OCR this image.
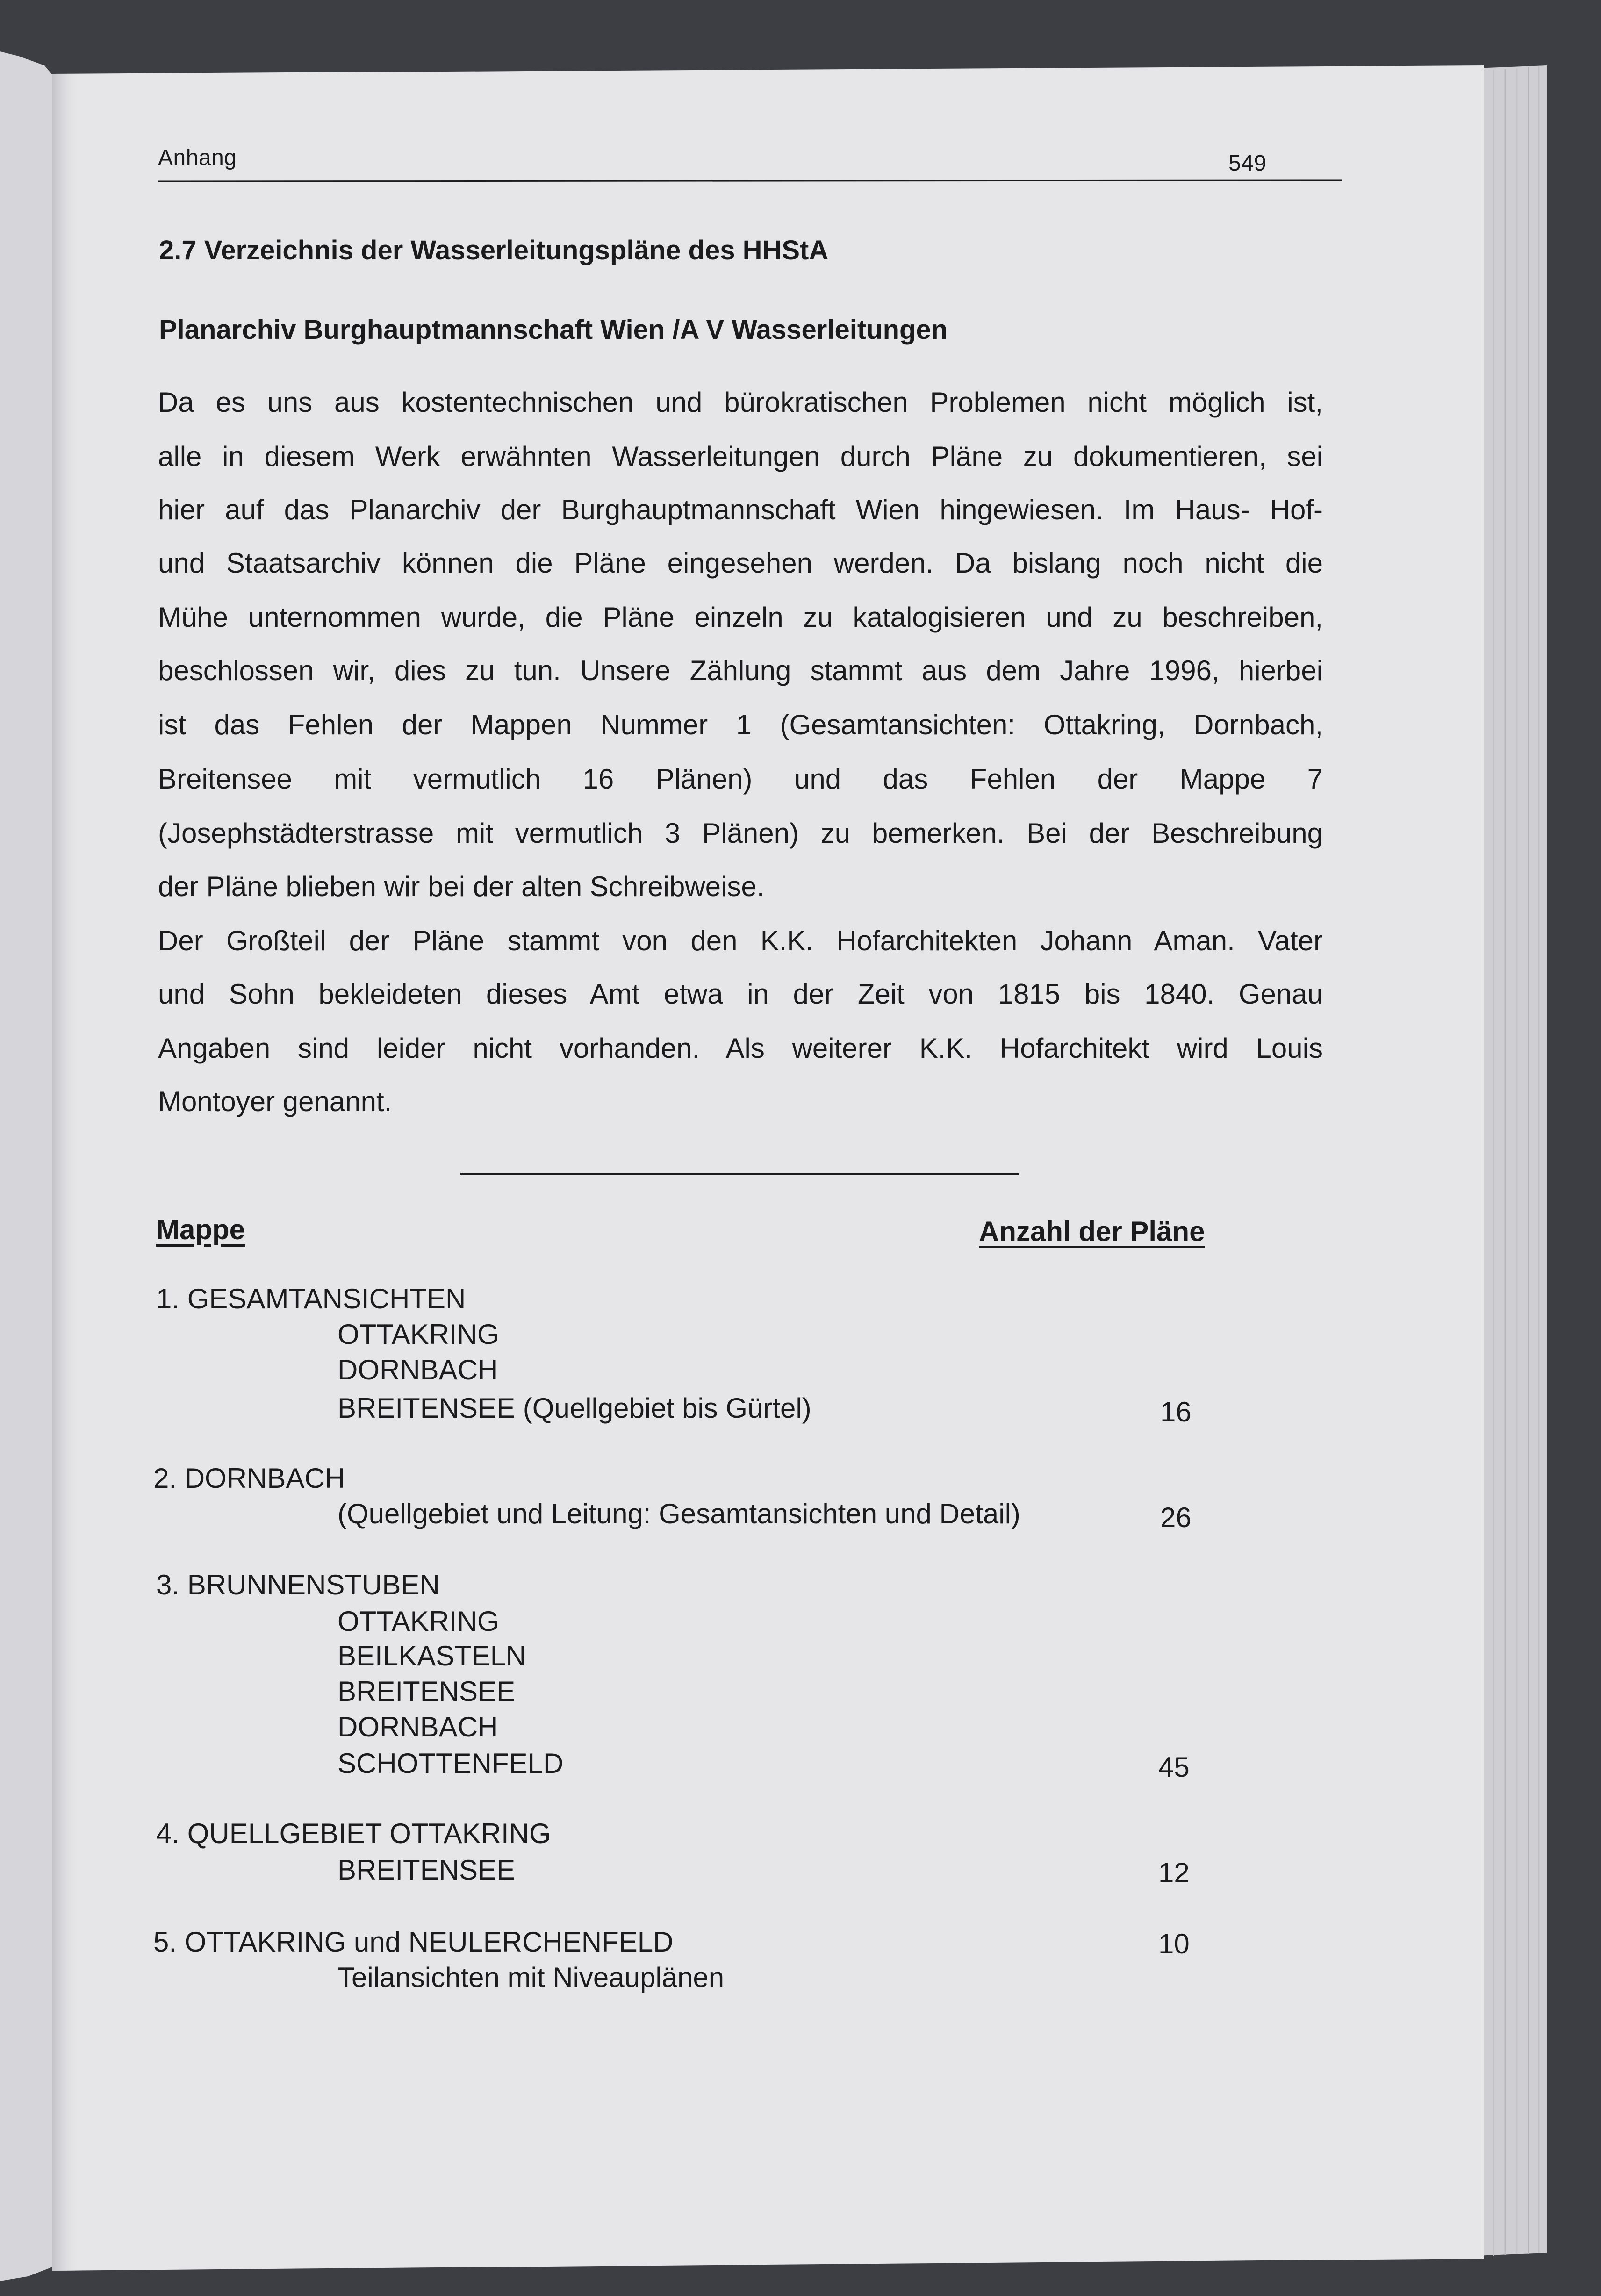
Anhang	549
2.7 Verzeichnis der Wasserleitungspläne des HHStA
Planarchiv Burghauptmannschaft Wien /A V Wasserleitungen
Da es uns aus kostentechnischen und bürokratischen Problemen nicht möglich ist,
alle in diesem Werk erwähnten Wasserleitungen durch Pläne zu dokumentieren, sei
hier auf das Planarchiv der Burghauptmannschaft Wien hingewiesen. Im Haus- Hof-
und Staatsarchiv können die Pläne eingesehen werden. Da bislang noch nicht die
Mühe unternommen wurde, die Pläne einzeln zu katalogisieren und zu beschreiben,
beschlossen wir, dies zu tun. Unsere Zählung stammt aus dem Jahre 1996, hierbei
ist das Fehlen der Mappen Nummer 1 (Gesamtansichten: Ottakring, Dornbach,
Breitensee mit vermutlich 16 Plänen) und das Fehlen der Mappe 7
(Josephstädterstrasse mit vermutlich 3 Plänen) zu bemerken. Bei der Beschreibung
der Pläne blieben wir bei der alten Schreibweise.
Der Großteil der Pläne stammt von den K.K. Hofarchitekten Johann Aman. Vater
und Sohn bekleideten dieses Amt etwa in der Zeit von 1815 bis 1840. Genau
Angaben sind leider nicht vorhanden. Als weiterer K.K. Hofarchitekt wird Louis
Montoyer genannt.
Mappe	Anzahl der Pläne
1. GESAMTANSICHTEN
OTTAKRING
DORNBACH
BREITENSEE (Quellgebiet bis Gürtel)	16
2. DORNBACH
(Quellgebiet und Leitung: Gesamtansichten und Detail)	26
3. BRUNNENSTUBEN
OTTAKRING
BEILKASTELN
BREITENSEE
DORNBACH
SCHOTTENFELD	45
4. QUELLGEBIET OTTAKRING
BREITENSEE	12
5. OTTAKRING und NEULERCHENFELD	10
Teilansichten mit Niveauplänen
